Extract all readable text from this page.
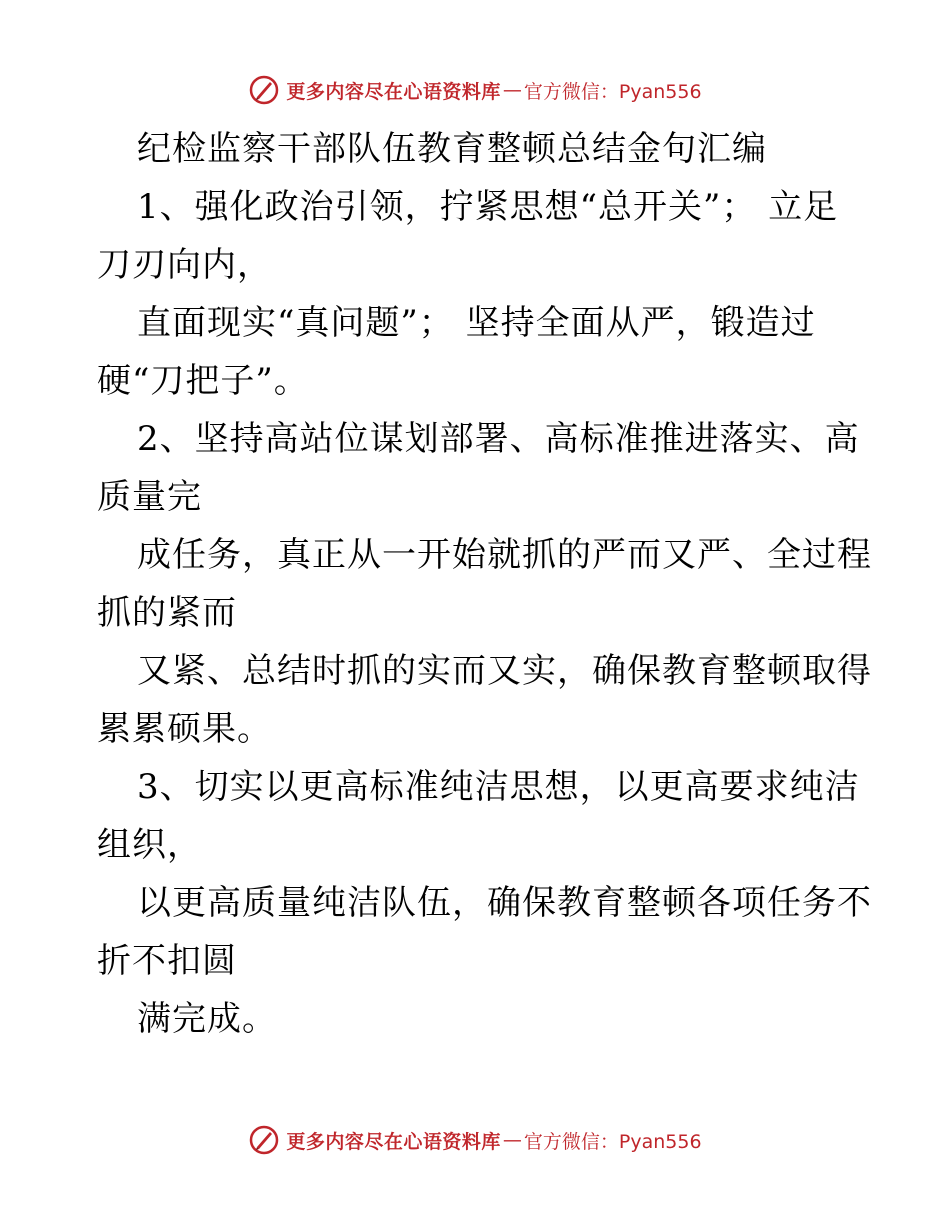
更多内容尽在心语资料库 — 官方微信：Pyan556
纪检监察干部队伍教育整顿总结金句汇编
1、强化政治引领，拧紧思想“总开关”； 立足
刀刃向内，
直面现实“真问题”； 坚持全面从严，锻造过
硬“刀把子”。
2、坚持高站位谋划部署、高标准推进落实、高
质量完
成任务，真正从一开始就抓的严而又严、全过程
抓的紧而
又紧、总结时抓的实而又实，确保教育整顿取得
累累硕果。
3、切实以更高标准纯洁思想，以更高要求纯洁
组织，
以更高质量纯洁队伍，确保教育整顿各项任务不
折不扣圆
满完成。
更多内容尽在心语资料库 — 官方微信：Pyan556
